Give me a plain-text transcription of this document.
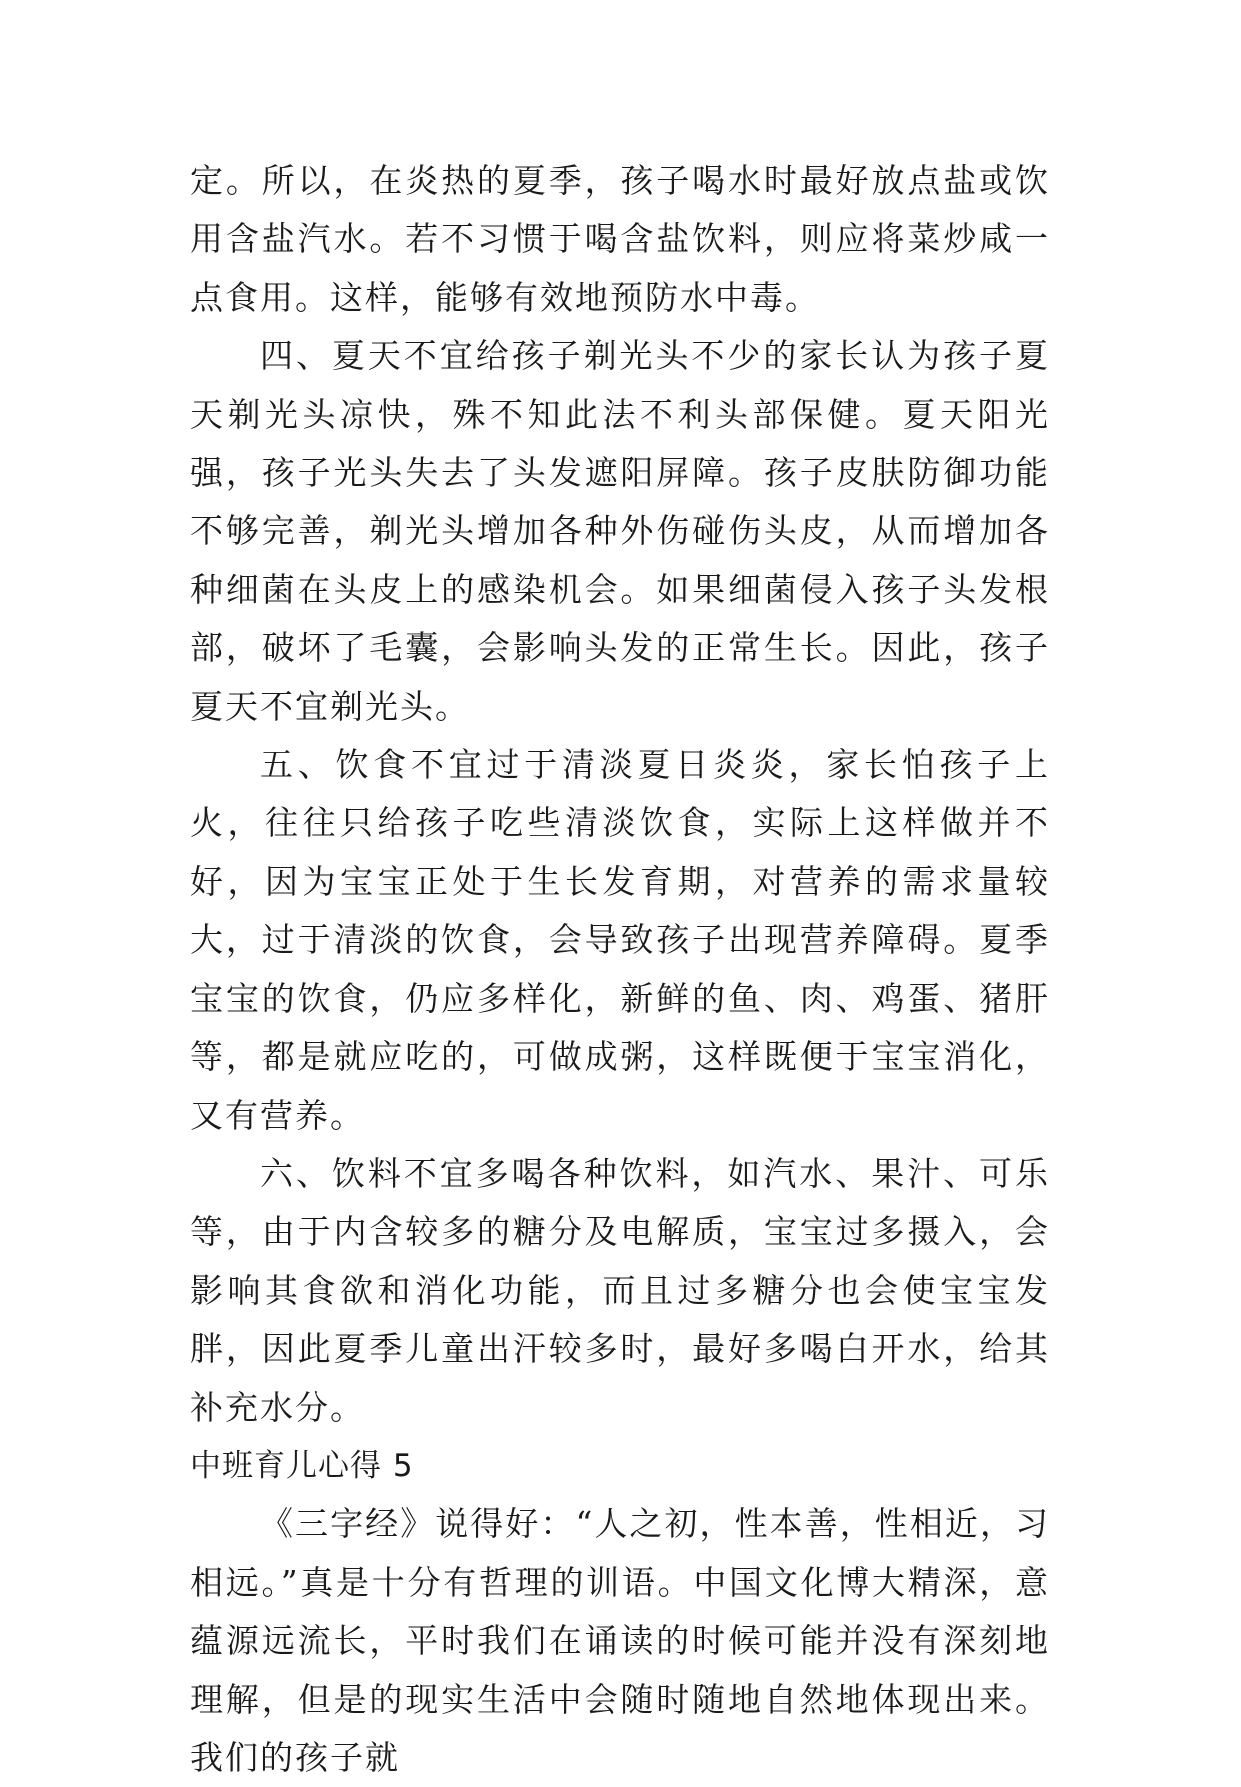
定。所以，在炎热的夏季，孩子喝水时最好放点盐或饮用含盐汽水。若不习惯于喝含盐饮料，则应将菜炒咸一点食用。这样，能够有效地预防水中毒。

四、夏天不宜给孩子剃光头不少的家长认为孩子夏天剃光头凉快，殊不知此法不利头部保健。夏天阳光强，孩子光头失去了头发遮阳屏障。孩子皮肤防御功能不够完善，剃光头增加各种外伤碰伤头皮，从而增加各种细菌在头皮上的感染机会。如果细菌侵入孩子头发根部，破坏了毛囊，会影响头发的正常生长。因此，孩子夏天不宜剃光头。

五、饮食不宜过于清淡夏日炎炎，家长怕孩子上火，往往只给孩子吃些清淡饮食，实际上这样做并不好，因为宝宝正处于生长发育期，对营养的需求量较大，过于清淡的饮食，会导致孩子出现营养障碍。夏季宝宝的饮食，仍应多样化，新鲜的鱼、肉、鸡蛋、猪肝等，都是就应吃的，可做成粥，这样既便于宝宝消化，又有营养。

六、饮料不宜多喝各种饮料，如汽水、果汁、可乐等，由于内含较多的糖分及电解质，宝宝过多摄入，会影响其食欲和消化功能，而且过多糖分也会使宝宝发胖，因此夏季儿童出汗较多时，最好多喝白开水，给其补充水分。

中班育儿心得 5

《三字经》说得好：“人之初，性本善，性相近，习相远。”真是十分有哲理的训语。中国文化博大精深，意蕴源远流长，平时我们在诵读的时候可能并没有深刻地理解，但是的现实生活中会随时随地自然地体现出来。我们的孩子就
